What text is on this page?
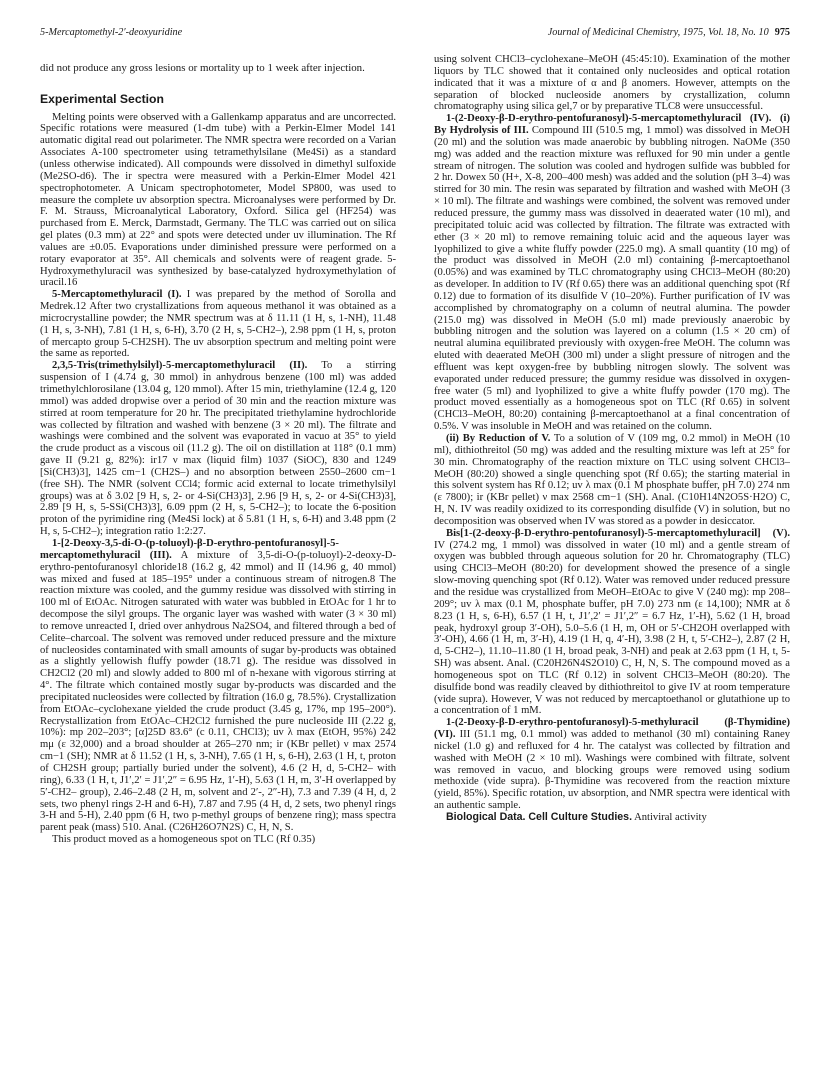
5-Mercaptomethyl-2′-deoxyuridine	Journal of Medicinal Chemistry, 1975, Vol. 18, No. 10 975

did not produce any gross lesions or mortality up to 1 week after injection.

Experimental Section

Melting points were observed with a Gallenkamp apparatus and are uncorrected. Specific rotations were measured (1-dm tube) with a Perkin-Elmer Model 141 automatic digital read out polarimeter. The NMR spectra were recorded on a Varian Associates A-100 spectrometer using tetramethylsilane (Me4Si) as a standard (unless otherwise indicated). All compounds were dissolved in dimethyl sulfoxide (Me2SO-d6). The ir spectra were measured with a Perkin-Elmer Model 421 spectrophotometer. A Unicam spectrophotometer, Model SP800, was used to measure the complete uv absorption spectra. Microanalyses were performed by Dr. F. M. Strauss, Microanalytical Laboratory, Oxford. Silica gel (HF254) was purchased from E. Merck, Darmstadt, Germany. The TLC was carried out on silica gel plates (0.3 mm) at 22° and spots were detected under uv illumination. The Rf values are ±0.05. Evaporations under diminished pressure were performed on a rotary evaporator at 35°. All chemicals and solvents were of reagent grade. 5-Hydroxymethyluracil was synthesized by base-catalyzed hydroxymethylation of uracil.16

5-Mercaptomethyluracil (I). I was prepared by the method of Sorolla and Medrek.12 After two crystallizations from aqueous methanol it was obtained as a microcrystalline powder; the NMR spectrum was at δ 11.11 (1 H, s, 1-NH), 11.48 (1 H, s, 3-NH), 7.81 (1 H, s, 6-H), 3.70 (2 H, s, 5-CH2–), 2.98 ppm (1 H, s, proton of mercapto group 5-CH2SH). The uv absorption spectrum and melting point were the same as reported.

2,3,5-Tris(trimethylsilyl)-5-mercaptomethyluracil (II). To a stirring suspension of I (4.74 g, 30 mmol) in anhydrous benzene (100 ml) was added trimethylchlorosilane (13.04 g, 120 mmol). After 15 min, triethylamine (12.4 g, 120 mmol) was added dropwise over a period of 30 min and the reaction mixture was stirred at room temperature for 20 hr. The precipitated triethylamine hydrochloride was collected by filtration and washed with benzene (3 × 20 ml). The filtrate and washings were combined and the solvent was evaporated in vacuo at 35° to yield the crude product as a viscous oil (11.2 g). The oil on distillation at 118° (0.1 mm) gave II (9.21 g, 82%): ir17 ν max (liquid film) 1037 (SiOC), 830 and 1249 [Si(CH3)3], 1425 cm−1 (CH2S–) and no absorption between 2550–2600 cm−1 (free SH). The NMR (solvent CCl4; formic acid external to locate trimethylsilyl groups) was at δ 3.02 [9 H, s, 2- or 4-Si(CH3)3], 2.96 [9 H, s, 2- or 4-Si(CH3)3], 2.89 [9 H, s, 5-SSi(CH3)3], 6.09 ppm (2 H, s, 5-CH2–); to locate the 6-position proton of the pyrimidine ring (Me4Si lock) at δ 5.81 (1 H, s, 6-H) and 3.48 ppm (2 H, s, 5-CH2–); integration ratio 1:2:27.

1-[2-Deoxy-3,5-di-O-(p-toluoyl)-β-D-erythro-pentofuranosyl]-5-mercaptomethyluracil (III). A mixture of 3,5-di-O-(p-toluoyl)-2-deoxy-D-erythro-pentofuranosyl chloride18 (16.2 g, 42 mmol) and II (14.96 g, 40 mmol) was mixed and fused at 185–195° under a continuous stream of nitrogen.8 The reaction mixture was cooled, and the gummy residue was dissolved with stirring in 100 ml of EtOAc. Nitrogen saturated with water was bubbled in EtOAc for 1 hr to decompose the silyl groups. The organic layer was washed with water (3 × 30 ml) to remove unreacted I, dried over anhydrous Na2SO4, and filtered through a bed of Celite–charcoal. The solvent was removed under reduced pressure and the mixture of nucleosides contaminated with small amounts of sugar by-products was obtained as a slightly yellowish fluffy powder (18.71 g). The residue was dissolved in CH2Cl2 (20 ml) and slowly added to 800 ml of n-hexane with vigorous stirring at 4°. The filtrate which contained mostly sugar by-products was discarded and the precipitated nucleosides were collected by filtration (16.0 g, 78.5%). Crystallization from EtOAc–cyclohexane yielded the crude product (3.45 g, 17%, mp 195–200°). Recrystallization from EtOAc–CH2Cl2 furnished the pure nucleoside III (2.22 g, 10%): mp 202–203°; [α]25D 83.6° (c 0.11, CHCl3); uv λ max (EtOH, 95%) 242 mμ (ε 32,000) and a broad shoulder at 265–270 nm; ir (KBr pellet) ν max 2574 cm−1 (SH); NMR at δ 11.52 (1 H, s, 3-NH), 7.65 (1 H, s, 6-H), 2.63 (1 H, t, proton of CH2SH group; partially buried under the solvent), 4.6 (2 H, d, 5-CH2– with ring), 6.33 (1 H, t, J1′,2′ = J1′,2″ = 6.95 Hz, 1′-H), 5.63 (1 H, m, 3′-H overlapped by 5′-CH2– group), 2.46–2.48 (2 H, m, solvent and 2′-, 2″-H), 7.3 and 7.39 (4 H, d, 2 sets, two phenyl rings 2-H and 6-H), 7.87 and 7.95 (4 H, d, 2 sets, two phenyl rings 3-H and 5-H), 2.40 ppm (6 H, two p-methyl groups of benzene ring); mass spectra parent peak (mass) 510. Anal. (C26H26O7N2S) C, H, N, S.

This product moved as a homogeneous spot on TLC (Rf 0.35)

using solvent CHCl3–cyclohexane–MeOH (45:45:10). Examination of the mother liquors by TLC showed that it contained only nucleosides and optical rotation indicated that it was a mixture of α and β anomers. However, attempts on the separation of blocked nucleoside anomers by crystallization, column chromatography using silica gel,7 or by preparative TLC8 were unsuccessful.

1-(2-Deoxy-β-D-erythro-pentofuranosyl)-5-mercaptomethyluracil (IV). (i) By Hydrolysis of III. Compound III (510.5 mg, 1 mmol) was dissolved in MeOH (20 ml) and the solution was made anaerobic by bubbling nitrogen. NaOMe (350 mg) was added and the reaction mixture was refluxed for 90 min under a gentle stream of nitrogen. The solution was cooled and hydrogen sulfide was bubbled for 2 hr. Dowex 50 (H+, X-8, 200–400 mesh) was added and the solution (pH 3–4) was stirred for 30 min. The resin was separated by filtration and washed with MeOH (3 × 10 ml). The filtrate and washings were combined, the solvent was removed under reduced pressure, the gummy mass was dissolved in deaerated water (10 ml), and precipitated toluic acid was collected by filtration. The filtrate was extracted with ether (3 × 20 ml) to remove remaining toluic acid and the aqueous layer was lyophilized to give a white fluffy powder (225.0 mg). A small quantity (10 mg) of the product was dissolved in MeOH (2.0 ml) containing β-mercaptoethanol (0.05%) and was examined by TLC chromatography using CHCl3–MeOH (80:20) as developer. In addition to IV (Rf 0.65) there was an additional quenching spot (Rf 0.12) due to formation of its disulfide V (10–20%). Further purification of IV was accomplished by chromatography on a column of neutral alumina. The powder (215.0 mg) was dissolved in MeOH (5.0 ml) made previously anaerobic by bubbling nitrogen and the solution was layered on a column (1.5 × 20 cm) of neutral alumina equilibrated previously with oxygen-free MeOH. The column was eluted with deaerated MeOH (300 ml) under a slight pressure of nitrogen and the effluent was kept oxygen-free by bubbling nitrogen slowly. The solvent was evaporated under reduced pressure; the gummy residue was dissolved in oxygen-free water (5 ml) and lyophilized to give a white fluffy powder (170 mg). The product moved essentially as a homogeneous spot on TLC (Rf 0.65) in solvent (CHCl3–MeOH, 80:20) containing β-mercaptoethanol at a final concentration of 0.5%. V was insoluble in MeOH and was retained on the column.

(ii) By Reduction of V. To a solution of V (109 mg, 0.2 mmol) in MeOH (10 ml), dithiothreitol (50 mg) was added and the resulting mixture was left at 25° for 30 min. Chromatography of the reaction mixture on TLC using solvent CHCl3–MeOH (80:20) showed a single quenching spot (Rf 0.65); the starting material in this solvent system has Rf 0.12; uv λ max (0.1 M phosphate buffer, pH 7.0) 274 nm (ε 7800); ir (KBr pellet) ν max 2568 cm−1 (SH). Anal. (C10H14N2O5S·H2O) C, H, N. IV was readily oxidized to its corresponding disulfide (V) in solution, but no decomposition was observed when IV was stored as a powder in desiccator.

Bis[1-(2-deoxy-β-D-erythro-pentofuranosyl)-5-mercaptomethyluracil] (V). IV (274.2 mg, 1 mmol) was dissolved in water (10 ml) and a gentle stream of oxygen was bubbled through aqueous solution for 20 hr. Chromatography (TLC) using CHCl3–MeOH (80:20) for development showed the presence of a single slow-moving quenching spot (Rf 0.12). Water was removed under reduced pressure and the residue was crystallized from MeOH–EtOAc to give V (240 mg): mp 208–209°; uv λ max (0.1 M, phosphate buffer, pH 7.0) 273 nm (ε 14,100); NMR at δ 8.23 (1 H, s, 6-H), 6.57 (1 H, t, J1′,2′ = J1′,2″ = 6.7 Hz, 1′-H), 5.62 (1 H, broad peak, hydroxyl group 3′-OH), 5.0–5.6 (1 H, m, OH or 5′-CH2OH overlapped with 3′-OH), 4.66 (1 H, m, 3′-H), 4.19 (1 H, q, 4′-H), 3.98 (2 H, t, 5′-CH2–), 2.87 (2 H, d, 5-CH2–), 11.10–11.80 (1 H, broad peak, 3-NH) and peak at 2.63 ppm (1 H, t, 5-SH) was absent. Anal. (C20H26N4S2O10) C, H, N, S. The compound moved as a homogeneous spot on TLC (Rf 0.12) in solvent CHCl3–MeOH (80:20). The disulfide bond was readily cleaved by dithiothreitol to give IV at room temperature (vide supra). However, V was not reduced by mercaptoethanol or glutathione up to a concentration of 1 mM.

1-(2-Deoxy-β-D-erythro-pentofuranosyl)-5-methyluracil (β-Thymidine) (VI). III (51.1 mg, 0.1 mmol) was added to methanol (30 ml) containing Raney nickel (1.0 g) and refluxed for 4 hr. The catalyst was collected by filtration and washed with MeOH (2 × 10 ml). Washings were combined with filtrate, solvent was removed in vacuo, and blocking groups were removed using sodium methoxide (vide supra). β-Thymidine was recovered from the reaction mixture (yield, 85%). Specific rotation, uv absorption, and NMR spectra were identical with an authentic sample.

Biological Data. Cell Culture Studies. Antiviral activity
